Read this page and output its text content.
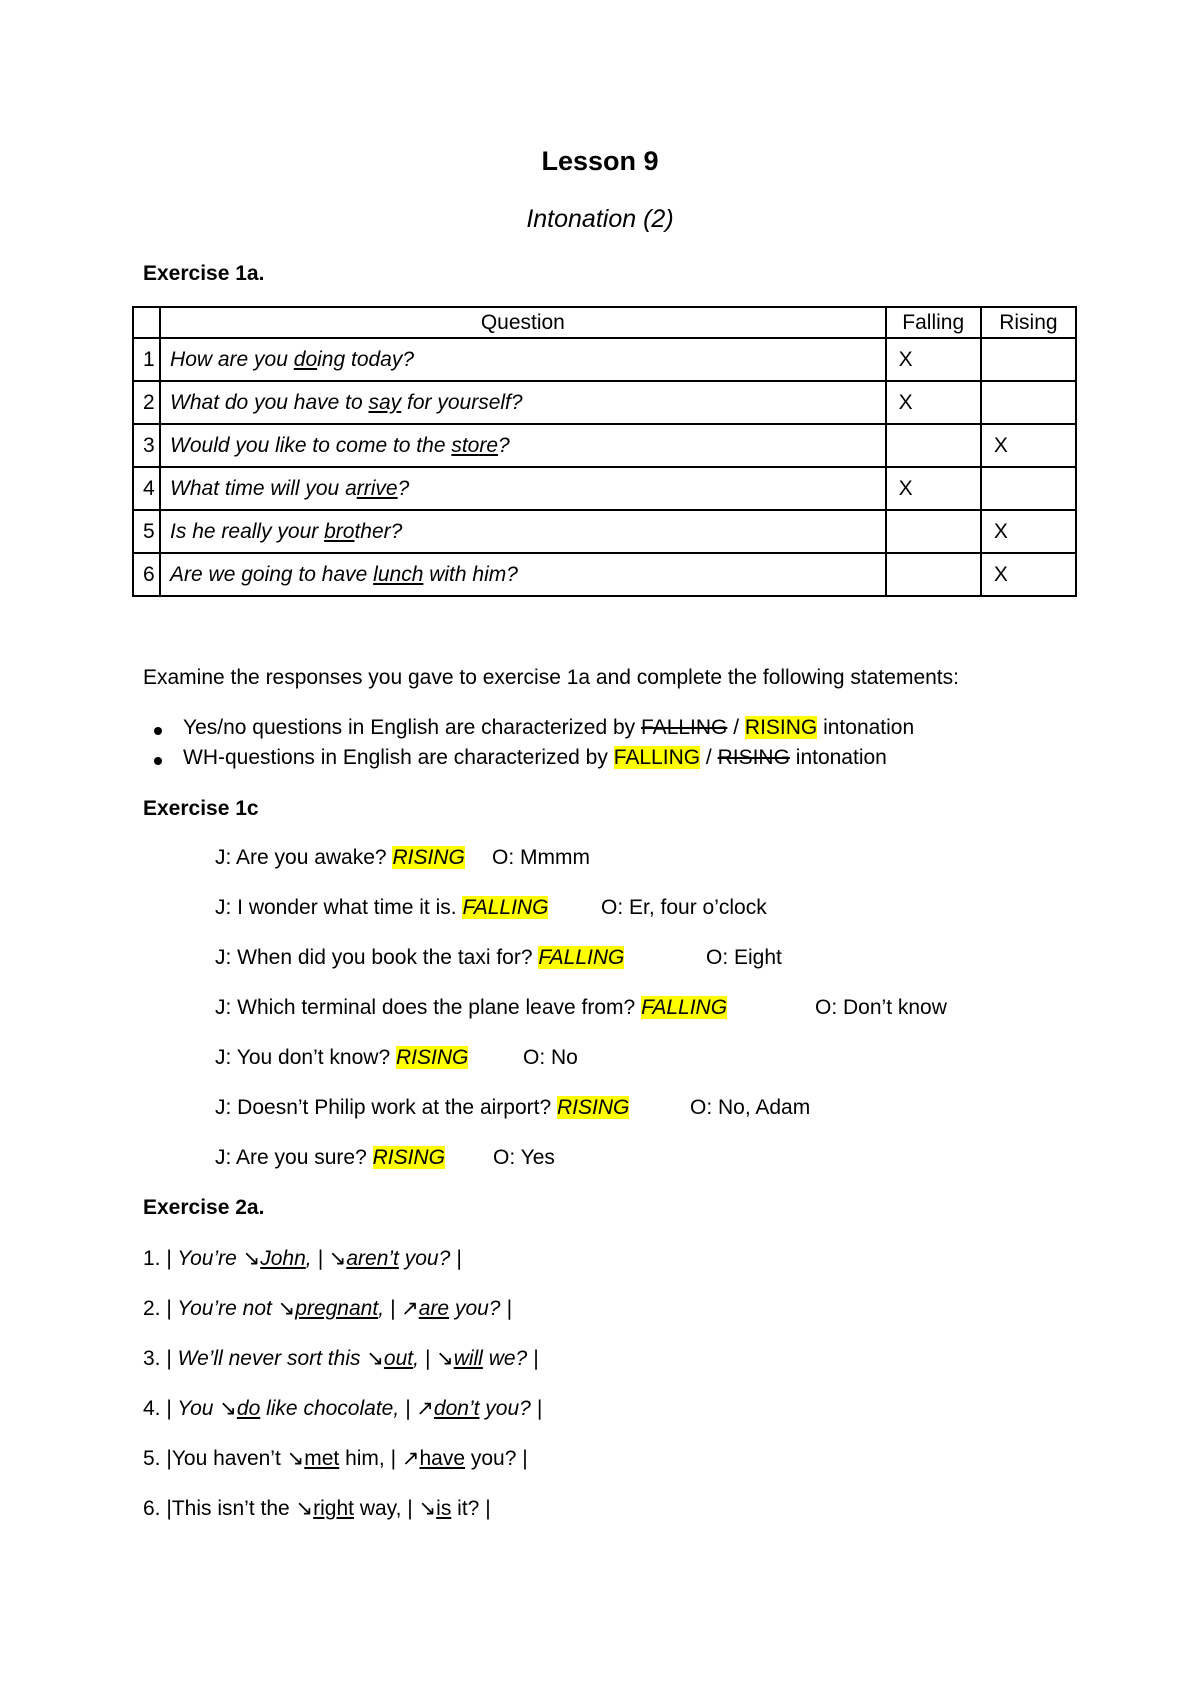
Lesson 9
Intonation (2)
Exercise 1a.
	Question	Falling	Rising
1	How are you doing today?	X	
2	What do you have to say for yourself?	X	
3	Would you like to come to the store?		X
4	What time will you arrive?	X	
5	Is he really your brother?		X
6	Are we going to have lunch with him?		X
Examine the responses you gave to exercise 1a and complete the following statements:
Yes/no questions in English are characterized by FALLING / RISING intonation
WH-questions in English are characterized by FALLING / RISING intonation
Exercise 1c
J: Are you awake? RISING O: Mmmm
J: I wonder what time it is. FALLING	O: Er, four o’clock
J: When did you book the taxi for? FALLING	O: Eight
J: Which terminal does the plane leave from? FALLING	O: Don’t know
J: You don’t know? RISING	O: No
J: Doesn’t Philip work at the airport? RISING	O: No, Adam
J: Are you sure? RISING O: Yes
Exercise 2a.
1. | You’re ↘John, | ↘aren’t you? |
2. | You’re not ↘pregnant, | ↗are you? |
3. | We’ll never sort this ↘out, | ↘will we? |
4. | You ↘do like chocolate, | ↗don’t you? |
5. |You haven’t ↘met him, | ↗have you? |
6. |This isn’t the ↘right way, | ↘is it? |
